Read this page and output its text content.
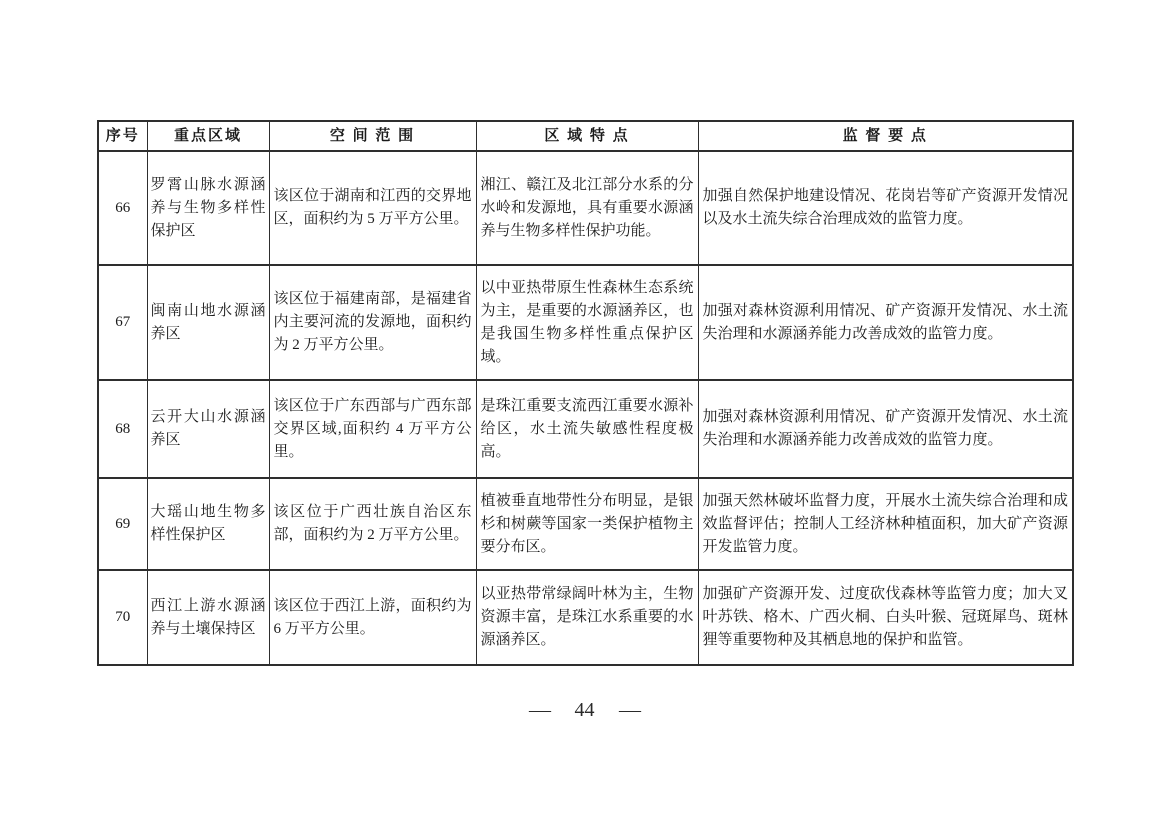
序号	重点区域	空 间 范 围	区 域 特 点	监 督 要 点
66	罗霄山脉水源涵养与生物多样性保护区	该区位于湖南和江西的交界地区，面积约为 5 万平方公里。	湘江、赣江及北江部分水系的分水岭和发源地，具有重要水源涵养与生物多样性保护功能。	加强自然保护地建设情况、花岗岩等矿产资源开发情况以及水土流失综合治理成效的监管力度。
67	闽南山地水源涵养区	该区位于福建南部，是福建省内主要河流的发源地，面积约为 2 万平方公里。	以中亚热带原生性森林生态系统为主，是重要的水源涵养区，也是我国生物多样性重点保护区域。	加强对森林资源利用情况、矿产资源开发情况、水土流失治理和水源涵养能力改善成效的监管力度。
68	云开大山水源涵养区	该区位于广东西部与广西东部交界区域,面积约 4 万平方公里。	是珠江重要支流西江重要水源补给区，水土流失敏感性程度极高。	加强对森林资源利用情况、矿产资源开发情况、水土流失治理和水源涵养能力改善成效的监管力度。
69	大瑶山地生物多样性保护区	该区位于广西壮族自治区东部，面积约为 2 万平方公里。	植被垂直地带性分布明显，是银杉和树蕨等国家一类保护植物主要分布区。	加强天然林破坏监督力度，开展水土流失综合治理和成效监督评估；控制人工经济林种植面积，加大矿产资源开发监管力度。
70	西江上游水源涵养与土壤保持区	该区位于西江上游，面积约为 6 万平方公里。	以亚热带常绿阔叶林为主，生物资源丰富，是珠江水系重要的水源涵养区。	加强矿产资源开发、过度砍伐森林等监管力度；加大叉叶苏铁、格木、广西火桐、白头叶猴、冠斑犀鸟、斑林狸等重要物种及其栖息地的保护和监管。
— 44 —
